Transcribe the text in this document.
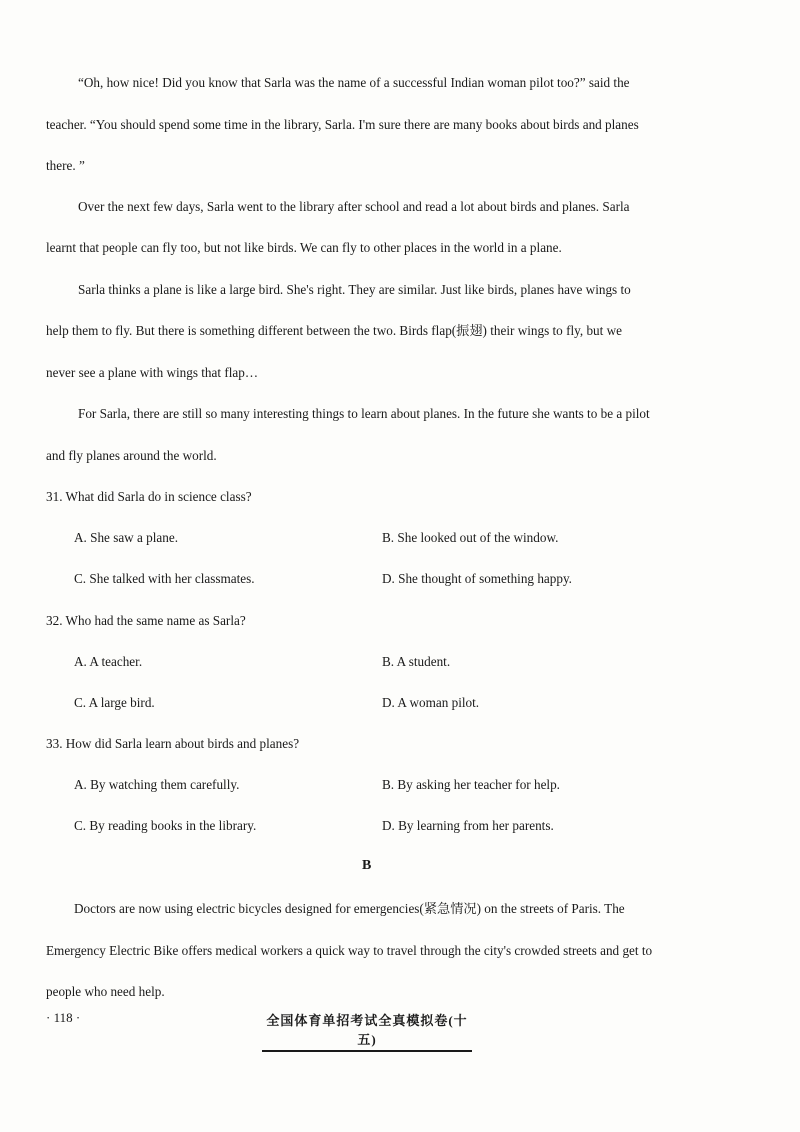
“Oh, how nice! Did you know that Sarla was the name of a successful Indian woman pilot too?” said the
teacher. “You should spend some time in the library, Sarla. I'm sure there are many books about birds and planes
there. ”
Over the next few days, Sarla went to the library after school and read a lot about birds and planes. Sarla
learnt that people can fly too, but not like birds. We can fly to other places in the world in a plane.
Sarla thinks a plane is like a large bird. She's right. They are similar. Just like birds, planes have wings to
help them to fly. But there is something different between the two. Birds flap(振翅) their wings to fly, but we
never see a plane with wings that flap…
For Sarla, there are still so many interesting things to learn about planes. In the future she wants to be a pilot
and fly planes around the world.
31. What did Sarla do in science class?
A. She saw a plane.	B. She looked out of the window.
C. She talked with her classmates.	D. She thought of something happy.
32. Who had the same name as Sarla?
A. A teacher.	B. A student.
C. A large bird.	D. A woman pilot.
33. How did Sarla learn about birds and planes?
A. By watching them carefully.	B. By asking her teacher for help.
C. By reading books in the library.	D. By learning from her parents.
B
Doctors are now using electric bicycles designed for emergencies(紧急情况) on the streets of Paris. The
Emergency Electric Bike offers medical workers a quick way to travel through the city's crowded streets and get to
people who need help.
· 118 ·	全国体育单招考试全真模拟卷(十五)
